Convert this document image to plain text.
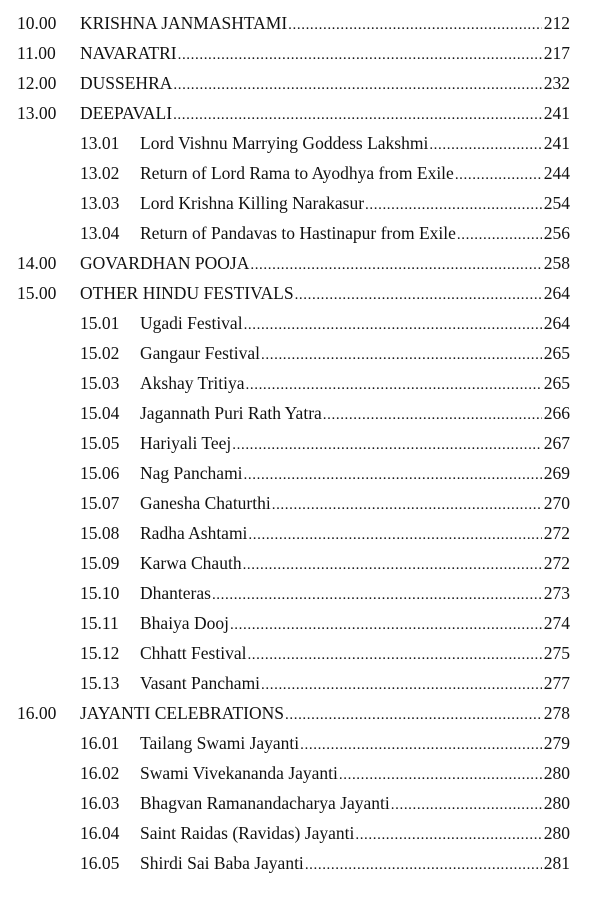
10.00 KRISHNA JANMASHTAMI .....	212
11.00 NAVARATRI .....	217
12.00 DUSSEHRA .....	232
13.00 DEEPAVALI .....	241
13.01 Lord Vishnu Marrying Goddess Lakshmi .....	241
13.02 Return of Lord Rama to Ayodhya from Exile .....	244
13.03 Lord Krishna Killing Narakasur .....	254
13.04 Return of Pandavas to Hastinapur from Exile .....	256
14.00 GOVARDHAN POOJA .....	258
15.00 OTHER HINDU FESTIVALS .....	264
15.01 Ugadi Festival .....	264
15.02 Gangaur Festival .....	265
15.03 Akshay Tritiya .....	265
15.04 Jagannath Puri Rath Yatra .....	266
15.05 Hariyali Teej .....	267
15.06 Nag Panchami .....	269
15.07 Ganesha Chaturthi .....	270
15.08 Radha Ashtami .....	272
15.09 Karwa Chauth .....	272
15.10 Dhanteras .....	273
15.11 Bhaiya Dooj .....	274
15.12 Chhatt Festival .....	275
15.13 Vasant Panchami .....	277
16.00 JAYANTI CELEBRATIONS .....	278
16.01 Tailang Swami Jayanti .....	279
16.02 Swami Vivekananda Jayanti .....	280
16.03 Bhagvan Ramanandacharya Jayanti .....	280
16.04 Saint Raidas (Ravidas) Jayanti .....	280
16.05 Shirdi Sai Baba Jayanti .....	281
